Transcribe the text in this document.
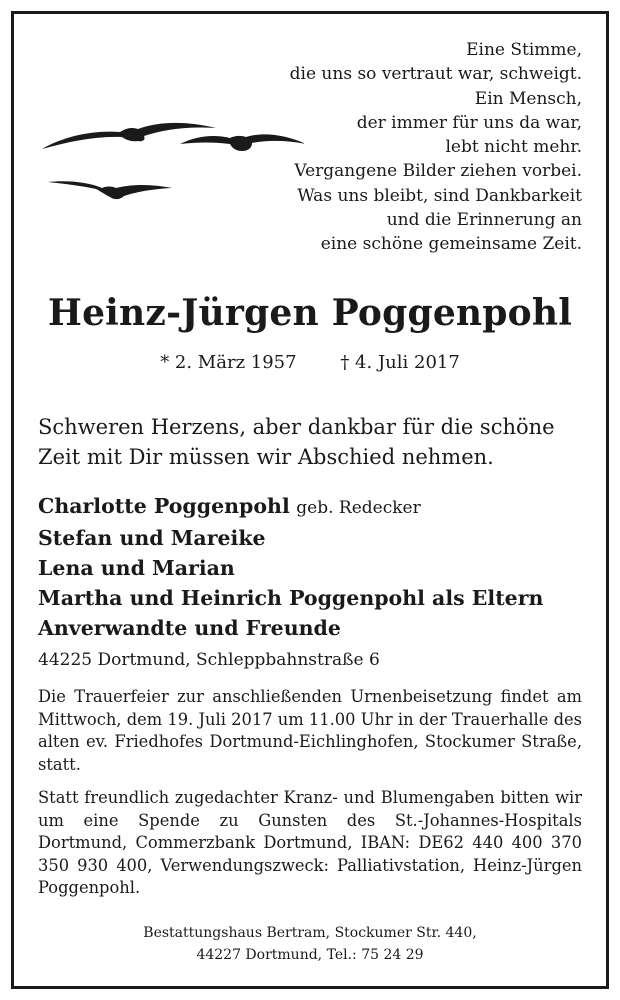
Eine Stimme,
die uns so vertraut war, schweigt.
Ein Mensch,
der immer für uns da war,
lebt nicht mehr.
Vergangene Bilder ziehen vorbei.
Was uns bleibt, sind Dankbarkeit
und die Erinnerung an
eine schöne gemeinsame Zeit.
Heinz-Jürgen Poggenpohl
* 2. März 1957 † 4. Juli 2017
Schweren Herzens, aber dankbar für die schöne Zeit mit Dir müssen wir Abschied nehmen.
Charlotte Poggenpohl geb. Redecker
Stefan und Mareike
Lena und Marian
Martha und Heinrich Poggenpohl als Eltern
Anverwandte und Freunde
44225 Dortmund, Schleppbahnstraße 6
Die Trauerfeier zur anschließenden Urnenbeisetzung findet am Mittwoch, dem 19. Juli 2017 um 11.00 Uhr in der Trauerhalle des alten ev. Friedhofes Dortmund-Eichlinghofen, Stockumer Straße, statt.
Statt freundlich zugedachter Kranz- und Blumengaben bitten wir um eine Spende zu Gunsten des St.-Johannes-Hospitals Dortmund, Commerzbank Dortmund, IBAN: DE62 440 400 370 350 930 400, Verwendungszweck: Palliativstation, Heinz-Jürgen Poggenpohl.
Bestattungshaus Bertram, Stockumer Str. 440,
44227 Dortmund, Tel.: 75 24 29
